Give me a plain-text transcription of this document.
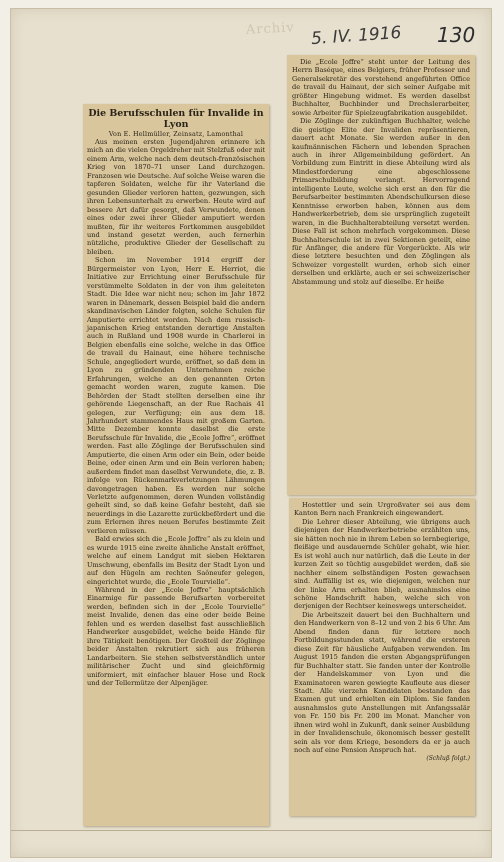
Archiv 5. IV. 1916 130

Die Berufsschulen für Invalide in Lyon

Von E. Hellmüller, Zeinsatz, Lamonthal

Aus meinen ersten Jugendjahren erinnere ich mich an die vielen Orgeldreher mit Stelzfuß oder mit einem Arm, welche nach dem deutsch-französischen Krieg von 1870–71 unser Land durchzogen. Franzosen wie Deutsche. Auf solche Weise waren die tapferen Soldaten, welche für ihr Vaterland die gesunden Glieder verloren hatten, gezwungen, sich ihren Lebensunterhalt zu erwerben. Heute wird auf bessere Art dafür gesorgt, daß Verwundete, denen eines oder zwei ihrer Glieder amputiert werden mußten, für ihr weiteres Fortkommen ausgebildet und instand gesetzt werden, auch fernerhin nützliche, produktive Glieder der Gesellschaft zu bleiben.

Schon im November 1914 ergriff der Bürgermeister von Lyon, Herr E. Herriot, die Initiative zur Errichtung einer Berufsschule für verstümmelte Soldaten in der von ihm geleiteten Stadt. Die Idee war nicht neu; schon im Jahr 1872 waren in Dänemark, dessen Beispiel bald die andern skandinavischen Länder folgten, solche Schulen für Amputierte errichtet worden. Nach dem russisch-japanischen Krieg entstanden derartige Anstalten auch in Rußland und 1908 wurde in Charleroi in Belgien ebenfalls eine solche, welche in das Office de travail du Hainaut, eine höhere technische Schule, angegliedert wurde, eröffnet, so daß dem in Lyon zu gründenden Unternehmen reiche Erfahrungen, welche an den genannten Orten gemacht worden waren, zugute kamen. Die Behörden der Stadt stellten derselben eine ihr gehörende Liegenschaft, an der Rue Rachais 41 gelegen, zur Verfügung; ein aus dem 18. Jahrhundert stammendes Haus mit großem Garten. Mitte Dezember konnte daselbst die erste Berufsschule für Invalide, die „Ecole Joffre“, eröffnet werden. Fast alle Zöglinge der Berufsschulen sind Amputierte, die einen Arm oder ein Bein, oder beide Beine, oder einen Arm und ein Bein verloren haben; außerdem findet man daselbst Verwundete, die, z. B. infolge von Rückenmarkverletzungen Lähmungen davongetragen haben. Es werden nur solche Verletzte aufgenommen, deren Wunden vollständig geheilt sind, so daß keine Gefahr besteht, daß sie neuerdings in die Lazarette zurückbefördert und die zum Erlernen ihres neuen Berufes bestimmte Zeit verlieren müssen.

Bald erwies sich die „Ecole Joffre“ als zu klein und es wurde 1915 eine zweite ähnliche Anstalt eröffnet, welche auf einem Landgut mit sieben Hektaren Umschwung, ebenfalls im Besitz der Stadt Lyon und auf den Hügeln am rechten Saôneufer gelegen, eingerichtet wurde, die „Ecole Tourvielle“.

Während in der „Ecole Joffre“ hauptsächlich Einarmige für passende Berufsarten vorbereitet werden, befinden sich in der „Ecole Tourvielle“ meist Invalide, denen das eine oder beide Beine fehlen und es werden daselbst fast ausschließlich Handwerker ausgebildet, welche beide Hände für ihre Tätigkeit benötigen. Der Großteil der Zöglinge beider Anstalten rekrutiert sich aus früheren Landarbeitern. Sie stehen selbstverständlich unter militärischer Zucht und sind gleichförmig uniformiert, mit einfacher blauer Hose und Rock und der Tellermütze der Alpenjäger.

Die „Ecole Joffre“ steht unter der Leitung des Herrn Baséque, eines Belgiers, früher Professor und Generalsekretär des vorstehend angeführten Office de travail du Hainaut, der sich seiner Aufgabe mit größter Hingebung widmet. Es werden daselbst Buchhalter, Buchbinder und Drechslerarbeiter, sowie Arbeiter für Spielzeugfabrikation ausgebildet.

Die Zöglinge der zukünftigen Buchhalter, welche die geistige Elite der Invaliden repräsentieren, dauert acht Monate. Sie werden außer in den kaufmännischen Fächern und lebenden Sprachen auch in ihrer Allgemeinbildung gefördert. An Vorbildung zum Eintritt in diese Abteilung wird als Mindestforderung eine abgeschlossene Primarschulbildung verlangt. Hervorragend intelligente Leute, welche sich erst an den für die Berufsarbeiter bestimmten Abendschulkursen diese Kenntnisse erworben haben, können aus dem Handwerkerbetrieb, dem sie ursprünglich zugeteilt waren, in die Buchhalterabteilung versetzt werden. Diese Fall ist schon mehrfach vorgekommen. Diese Buchhalterschule ist in zwei Sektionen geteilt, eine für Anfänger, die andere für Vorgerückte. Als wir diese letztere besuchten und den Zöglingen als Schweizer vorgestellt wurden, erhob sich einer derselben und erklärte, auch er sei schweizerischer Abstammung und stolz auf dieselbe. Er heiße

Hostettler und sein Urgroßvater sei aus dem Kanton Bern nach Frankreich eingewandert.

Die Lehrer dieser Abteilung, wie übrigens auch diejenigen der Handwerkerbetriebe erzählten uns, sie hätten noch nie in ihrem Leben so lernbegierige, fleißige und ausdauernde Schüler gehabt, wie hier. Es ist wohl auch nur natürlich, daß die Leute in der kurzen Zeit so tüchtig ausgebildet werden, daß sie nachher einem selbständigen Posten gewachsen sind. Auffällig ist es, wie diejenigen, welchen nur der linke Arm erhalten blieb, ausnahmslos eine schöne Handschrift haben, welche sich von derjenigen der Rechtser keineswegs unterscheidet.

Die Arbeitszeit dauert bei den Buchhaltern und den Handwerkern von 8–12 und von 2 bis 6 Uhr. Am Abend finden dann für letztere noch Fortbildungsstunden statt, während die ersteren diese Zeit für häusliche Aufgaben verwenden. Im August 1915 fanden die ersten Abgangsprüfungen für Buchhalter statt. Sie fanden unter der Kontrolle der Handelskammer von Lyon und die Examinatoren waren gewiegte Kaufleute aus dieser Stadt. Alle vierzehn Kandidaten bestanden das Examen gut und erhielten ein Diplom. Sie fanden ausnahmslos gute Anstellungen mit Anfangssalär von Fr. 150 bis Fr. 200 im Monat. Mancher von ihnen wird wohl in Zukunft, dank seiner Ausbildung in der Invalidenschule, ökonomisch besser gestellt sein als vor dem Kriege, besonders da er ja auch noch auf eine Pension Anspruch hat.

(Schluß folgt.)
